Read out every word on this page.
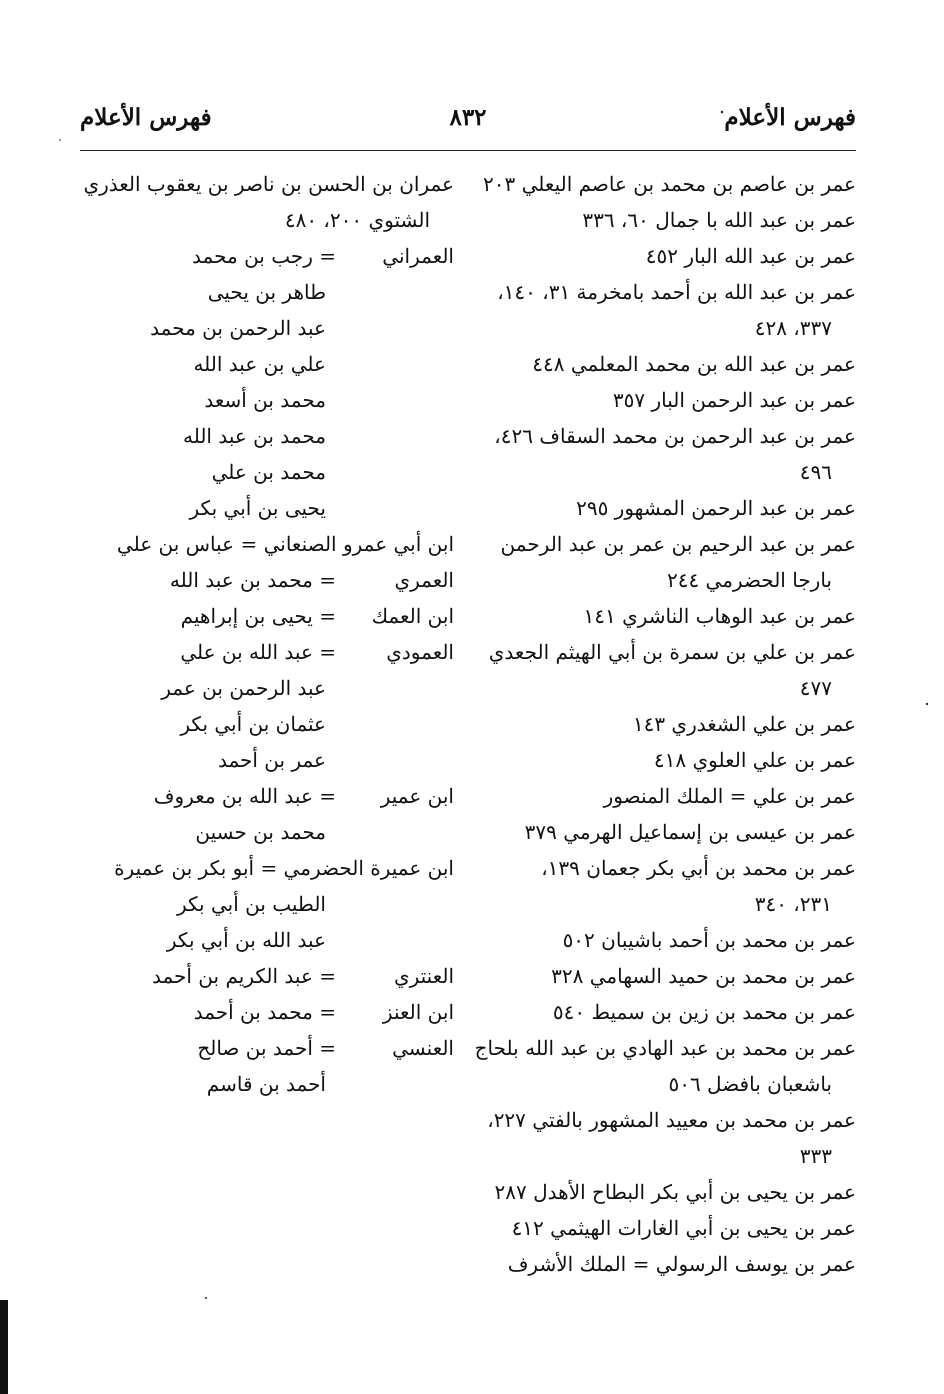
فهرس الأعلام
٨٣٢
فهرس الأعلام
عمر بن عاصم بن محمد بن عاصم اليعلي ٢٠٣
عمر بن عبد الله با جمال ٦٠، ٣٣٦
عمر بن عبد الله البار ٤٥٢
عمر بن عبد الله بن أحمد بامخرمة ٣١، ١٤٠،
٣٣٧، ٤٢٨
عمر بن عبد الله بن محمد المعلمي ٤٤٨
عمر بن عبد الرحمن البار ٣٥٧
عمر بن عبد الرحمن بن محمد السقاف ٤٢٦،
٤٩٦
عمر بن عبد الرحمن المشهور ٢٩٥
عمر بن عبد الرحيم بن عمر بن عبد الرحمن
بارجا الحضرمي ٢٤٤
عمر بن عبد الوهاب الناشري ١٤١
عمر بن علي بن سمرة بن أبي الهيثم الجعدي
٤٧٧
عمر بن علي الشغدري ١٤٣
عمر بن علي العلوي ٤١٨
عمر بن علي = الملك المنصور
عمر بن عيسى بن إسماعيل الهرمي ٣٧٩
عمر بن محمد بن أبي بكر جعمان ١٣٩،
٢٣١، ٣٤٠
عمر بن محمد بن أحمد باشيبان ٥٠٢
عمر بن محمد بن حميد السهامي ٣٢٨
عمر بن محمد بن زين بن سميط ٥٤٠
عمر بن محمد بن عبد الهادي بن عبد الله بلحاج
باشعبان بافضل ٥٠٦
عمر بن محمد بن معييد المشهور بالفتي ٢٢٧،
٣٣٣
عمر بن يحيى بن أبي بكر البطاح الأهدل ٢٨٧
عمر بن يحيى بن أبي الغارات الهيثمي ٤١٢
عمر بن يوسف الرسولي = الملك الأشرف
عمران بن الحسن بن ناصر بن يعقوب العذري
الشتوي ٢٠٠، ٤٨٠
العمراني= رجب بن محمد
طاهر بن يحيى
عبد الرحمن بن محمد
علي بن عبد الله
محمد بن أسعد
محمد بن عبد الله
محمد بن علي
يحيى بن أبي بكر
ابن أبي عمرو الصنعاني = عباس بن علي
العمري= محمد بن عبد الله
ابن العمك= يحيى بن إبراهيم
العمودي= عبد الله بن علي
عبد الرحمن بن عمر
عثمان بن أبي بكر
عمر بن أحمد
ابن عمير= عبد الله بن معروف
محمد بن حسين
ابن عميرة الحضرمي = أبو بكر بن عميرة
الطيب بن أبي بكر
عبد الله بن أبي بكر
العنتري= عبد الكريم بن أحمد
ابن العنز= محمد بن أحمد
العنسي= أحمد بن صالح
أحمد بن قاسم
